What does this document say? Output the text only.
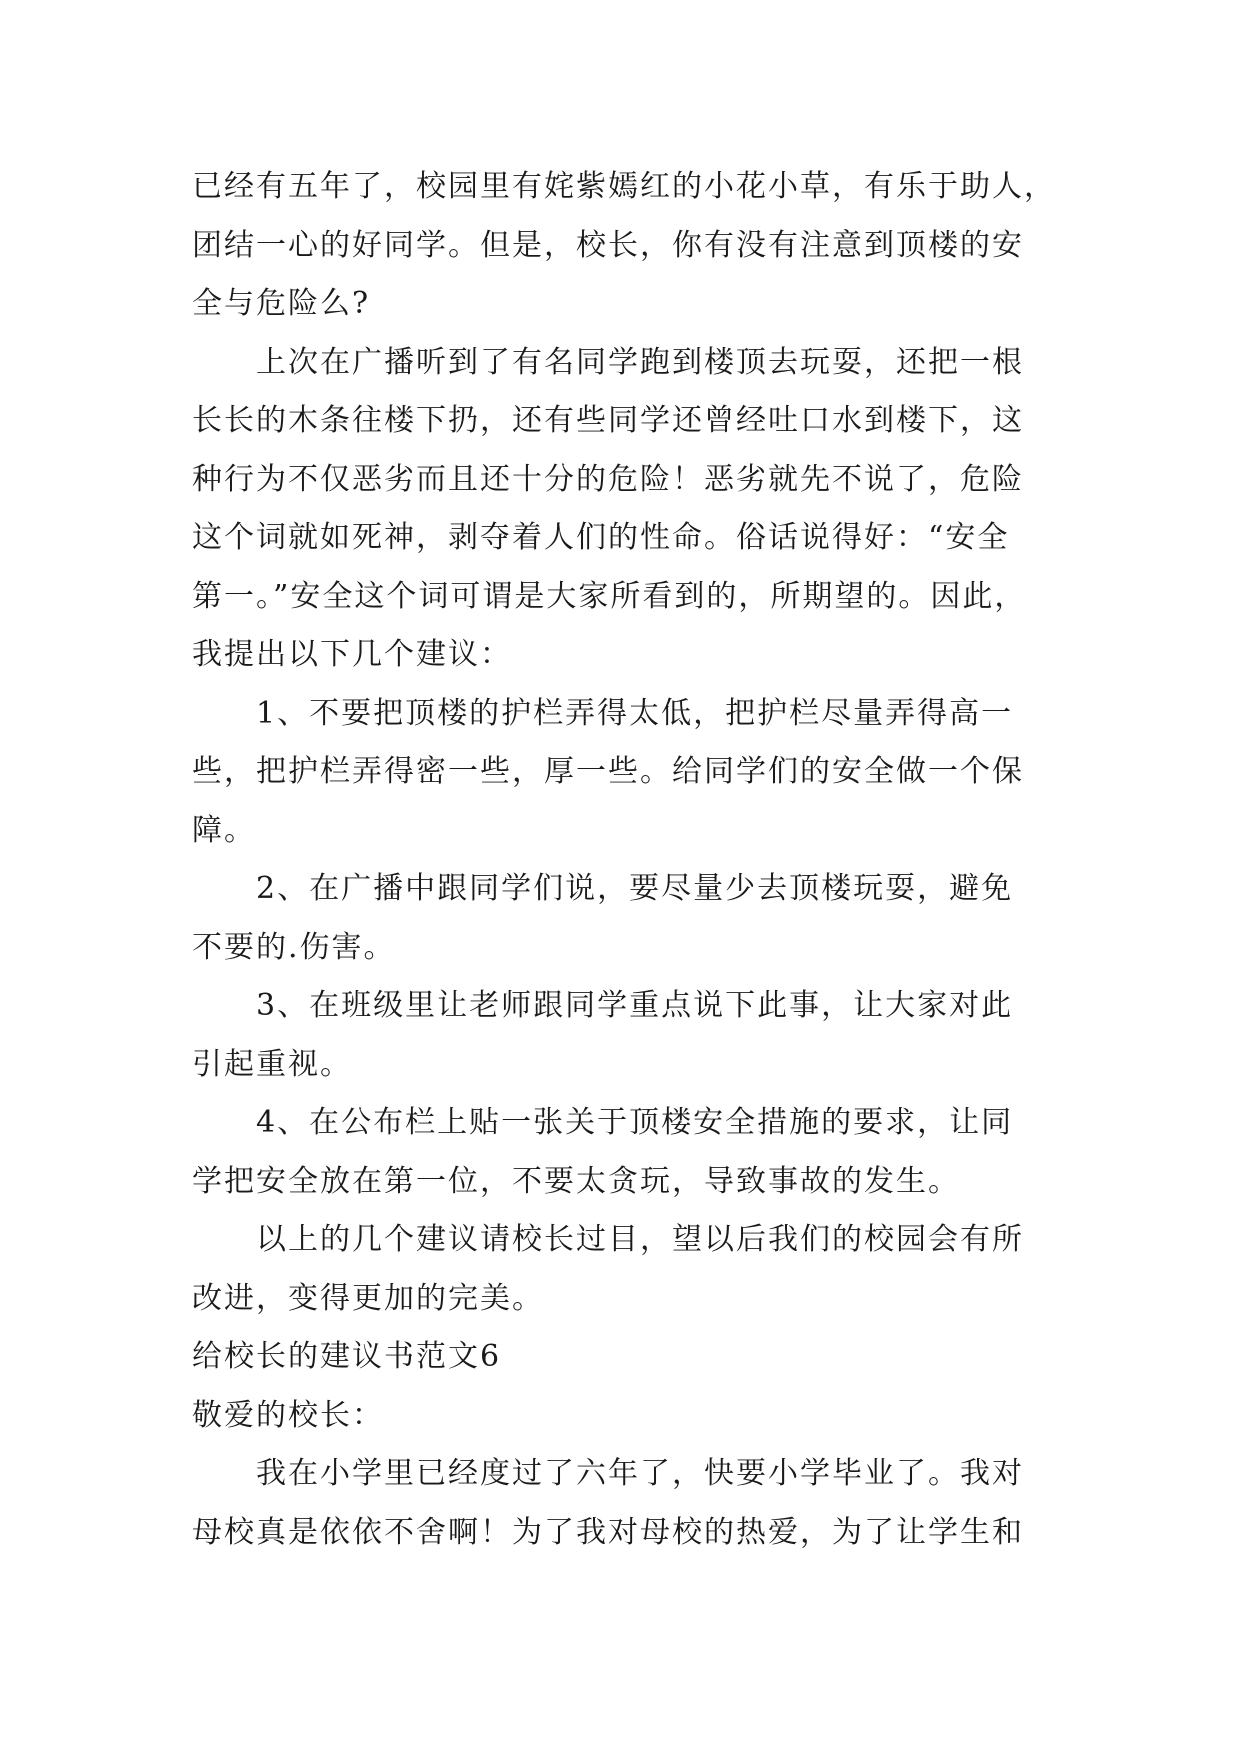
已经有五年了，校园里有姹紫嫣红的小花小草，有乐于助人，
团结一心的好同学。但是，校长，你有没有注意到顶楼的安
全与危险么?
上次在广播听到了有名同学跑到楼顶去玩耍，还把一根
长长的木条往楼下扔，还有些同学还曾经吐口水到楼下，这
种行为不仅恶劣而且还十分的危险！恶劣就先不说了，危险
这个词就如死神，剥夺着人们的性命。俗话说得好：“安全
第一。”安全这个词可谓是大家所看到的，所期望的。因此，
我提出以下几个建议：
1、不要把顶楼的护栏弄得太低，把护栏尽量弄得高一
些，把护栏弄得密一些，厚一些。给同学们的安全做一个保
障。
2、在广播中跟同学们说，要尽量少去顶楼玩耍，避免
不要的.伤害。
3、在班级里让老师跟同学重点说下此事，让大家对此
引起重视。
4、在公布栏上贴一张关于顶楼安全措施的要求，让同
学把安全放在第一位，不要太贪玩，导致事故的发生。
以上的几个建议请校长过目，望以后我们的校园会有所
改进，变得更加的完美。
给校长的建议书范文6
敬爱的校长：
我在小学里已经度过了六年了，快要小学毕业了。我对
母校真是依依不舍啊！为了我对母校的热爱，为了让学生和
